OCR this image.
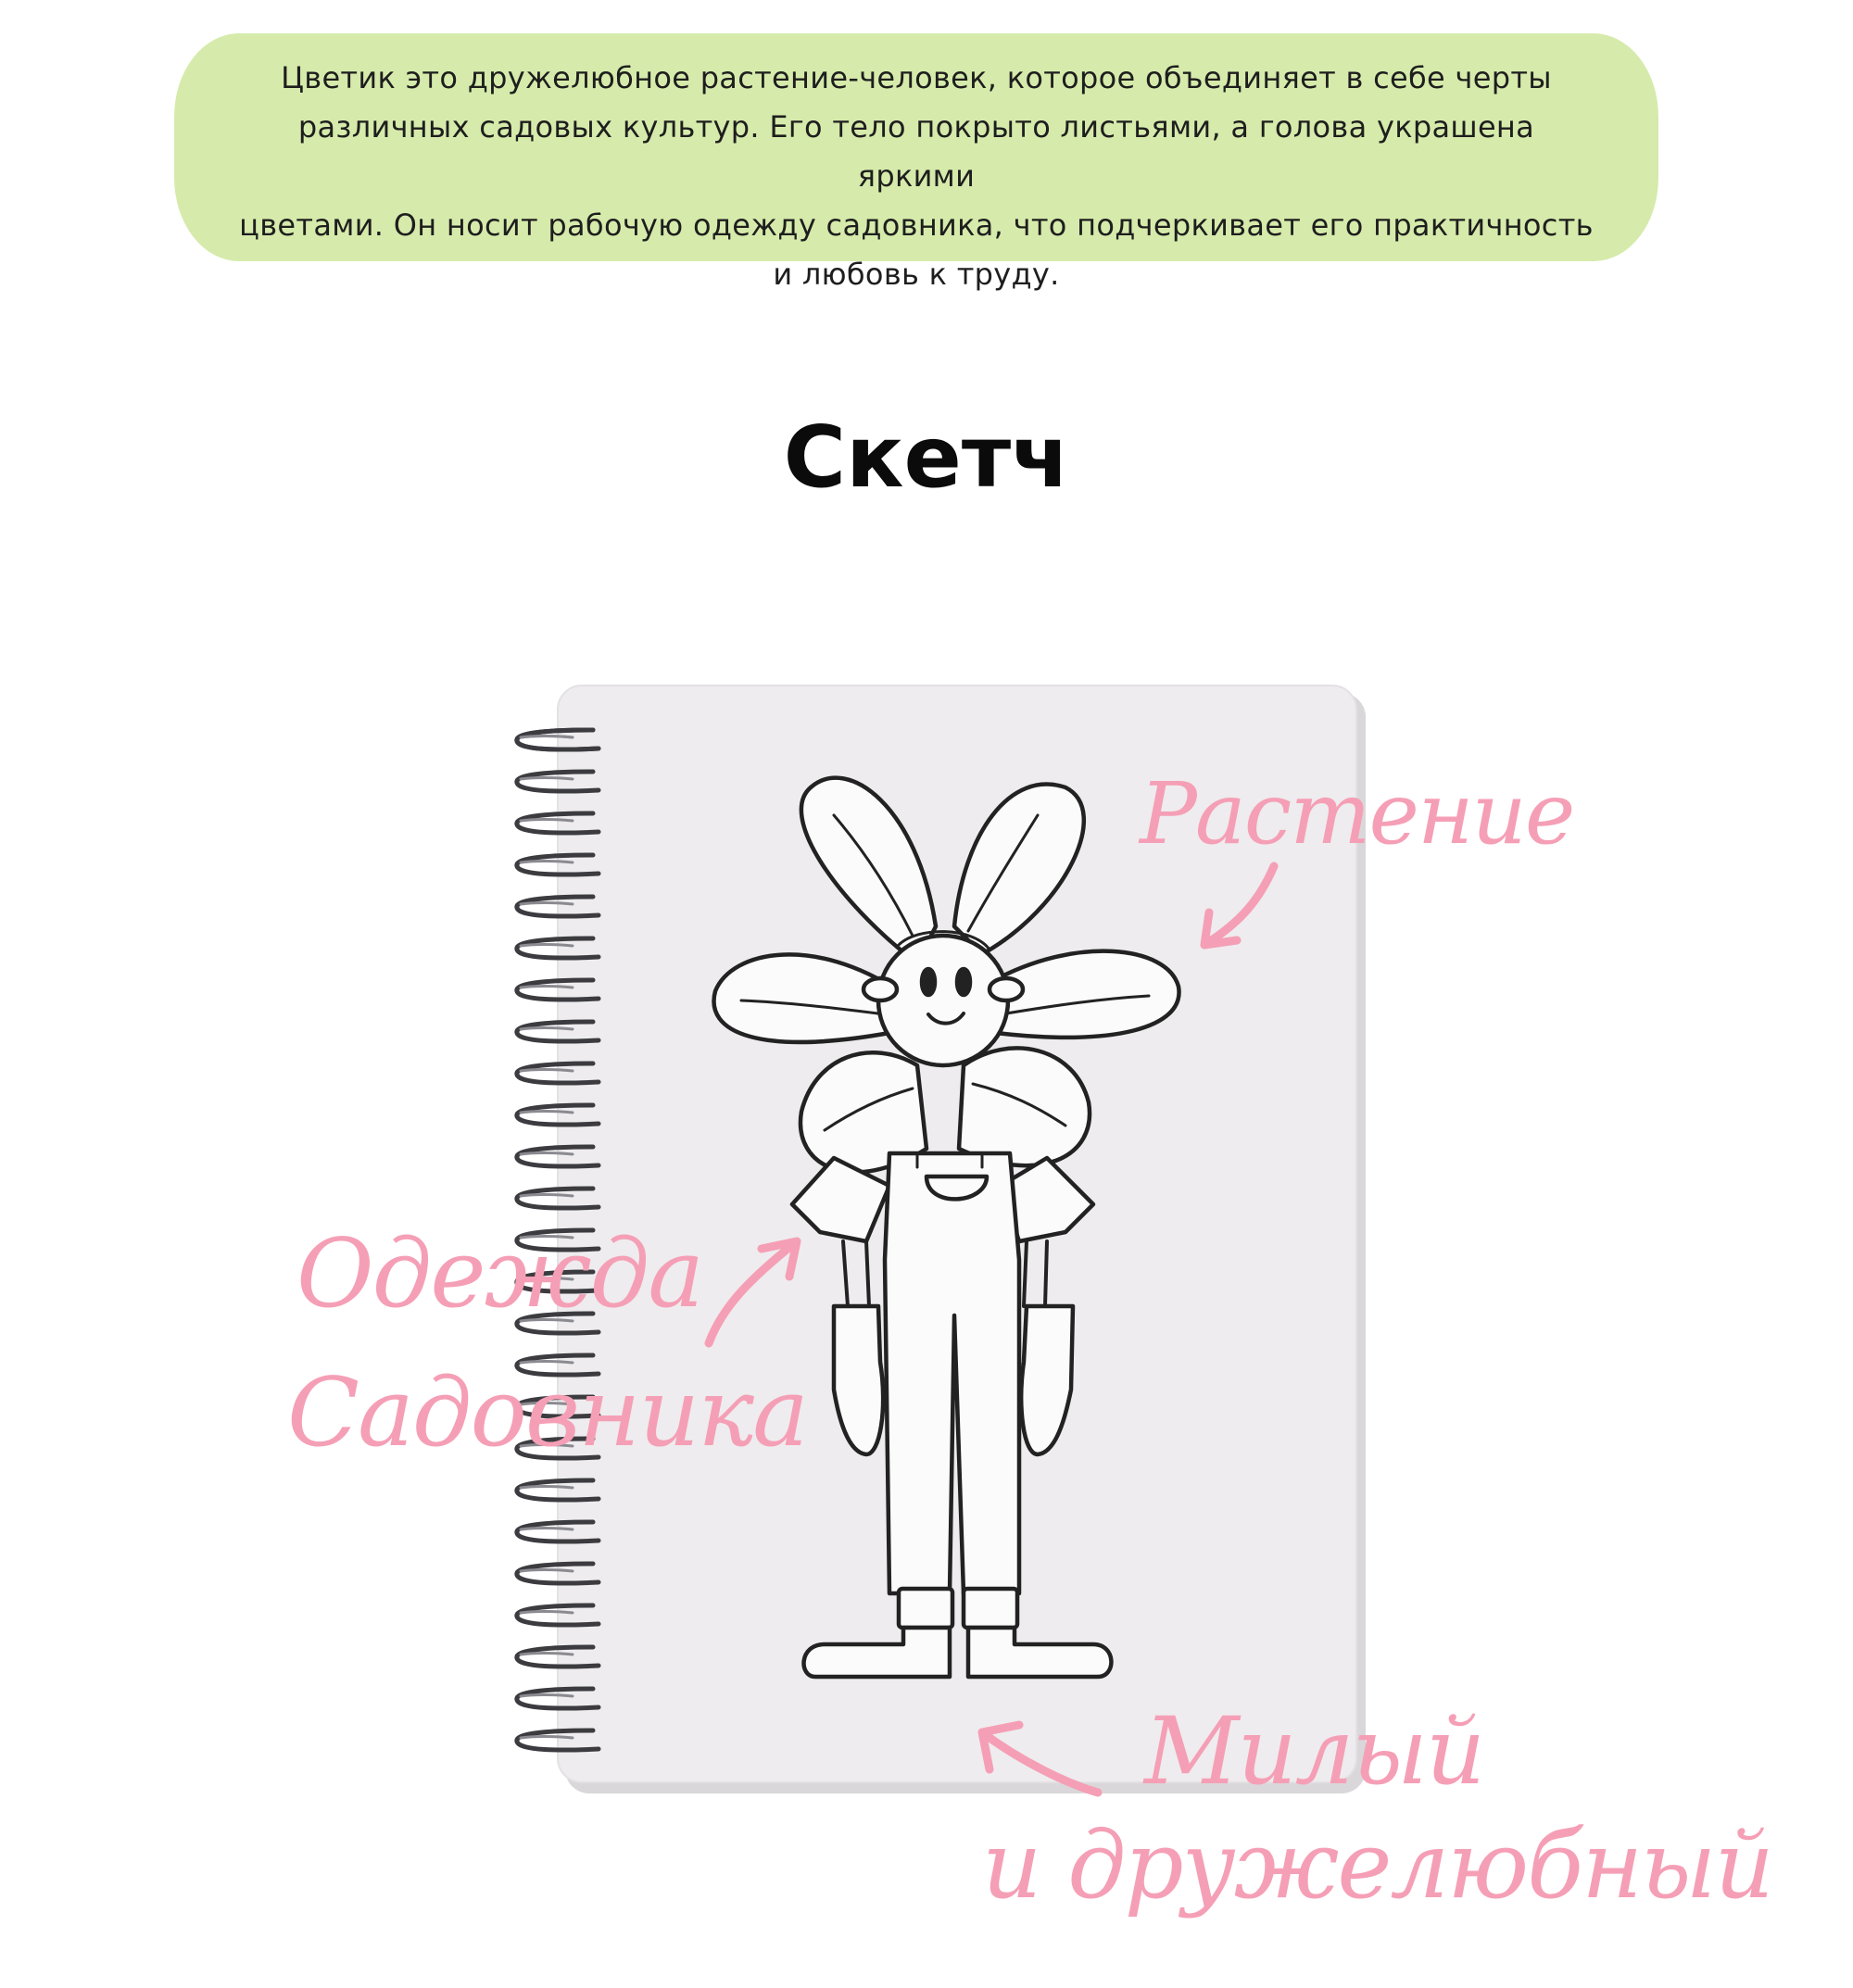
Цветик это дружелюбное растение-человек, которое объединяет в себе черты
различных садовых культур. Его тело покрыто листьями, а голова украшена яркими
цветами. Он носит рабочую одежду садовника, что подчеркивает его практичность
и любовь к труду.

Скетч
Растение
Одежда
Садовника
Милый
и дружелюбный
